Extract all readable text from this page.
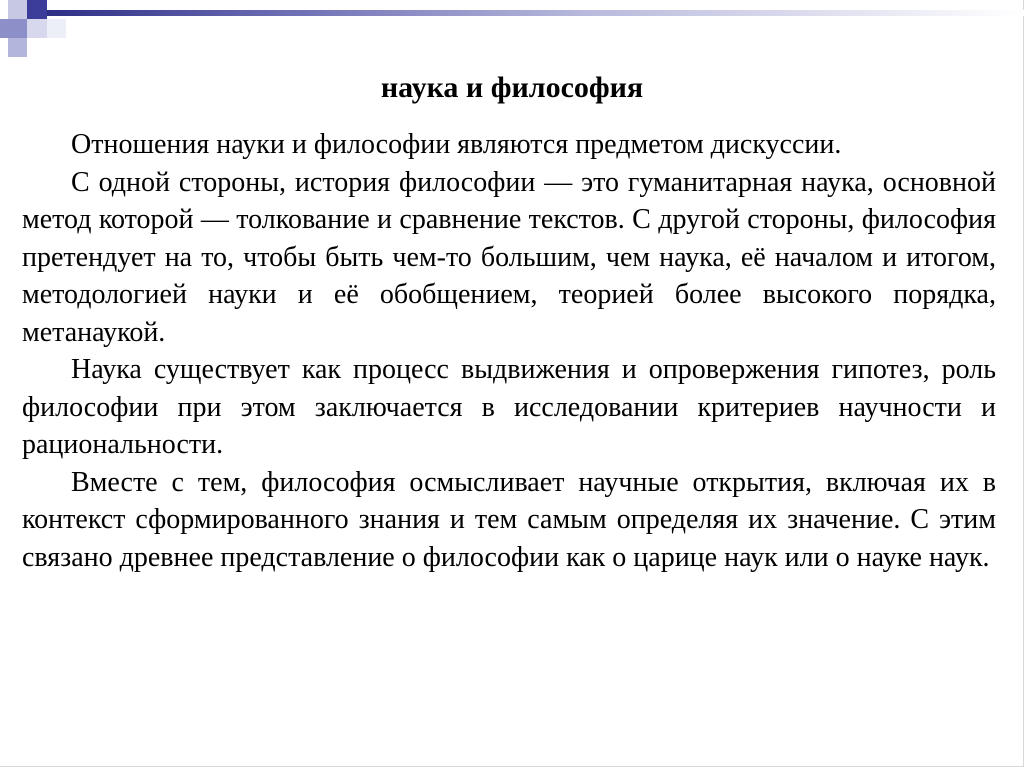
наука и философия

Отношения науки и философии являются предметом дискуссии.

С одной стороны, история философии — это гуманитарная наука, основной метод которой — толкование и сравнение текстов. С другой стороны, философия претендует на то, чтобы быть чем-то большим, чем наука, её началом и итогом, методологией науки и её обобщением, теорией более высокого порядка, метанаукой.

Наука существует как процесс выдвижения и опровержения гипотез, роль философии при этом заключается в исследовании критериев научности и рациональности.

Вместе с тем, философия осмысливает научные открытия, включая их в контекст сформированного знания и тем самым определяя их значение. С этим связано древнее представление о философии как о царице наук или о науке наук.
